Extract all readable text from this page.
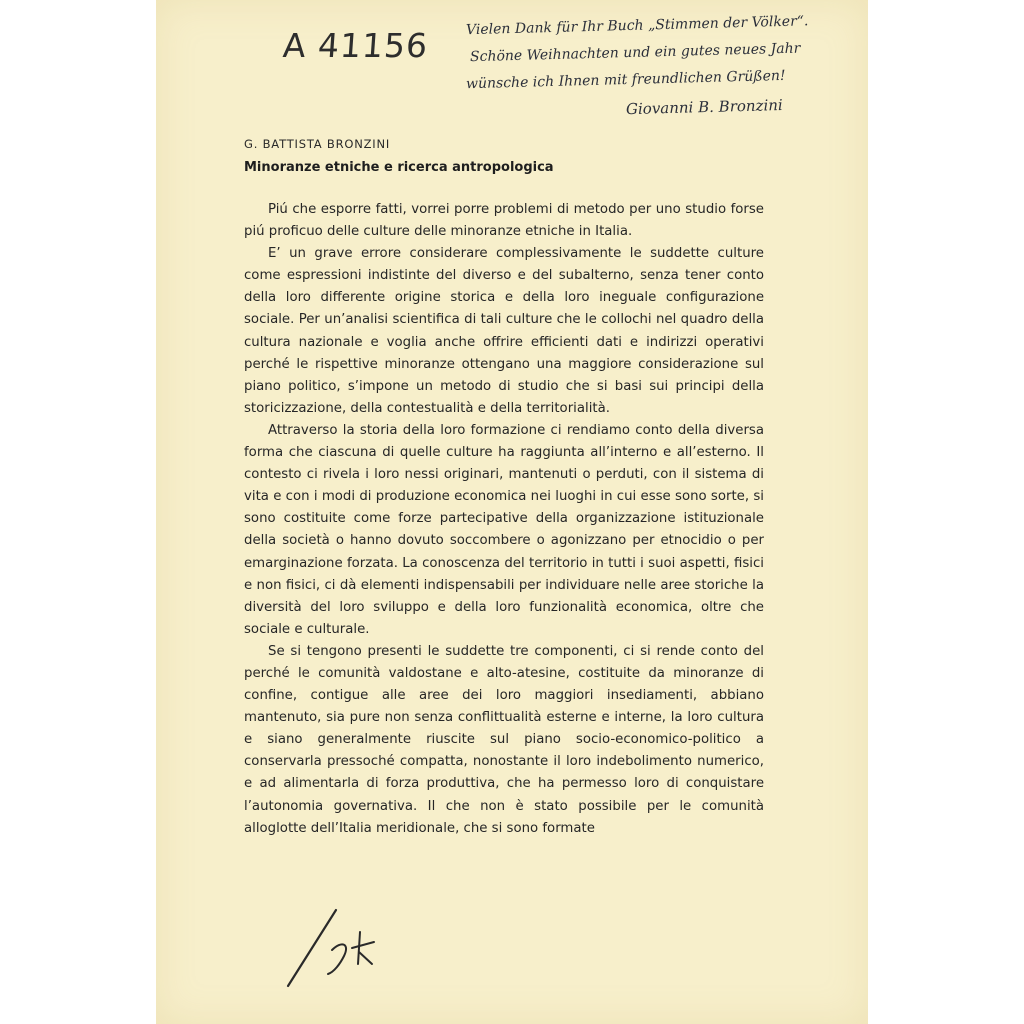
A 41156
Vielen Dank für Ihr Buch „Stimmen der Völker“.
Schöne Weihnachten und ein gutes neues Jahr
wünsche ich Ihnen mit freundlichen Grüßen!
Giovanni B. Bronzini
G. BATTISTA BRONZINI
Minoranze etniche e ricerca antropologica

Piú che esporre fatti, vorrei porre problemi di metodo per uno studio forse piú proficuo delle culture delle minoranze etniche in Italia.

E’ un grave errore considerare complessivamente le suddette culture come espressioni indistinte del diverso e del subalterno, senza tener conto della loro differente origine storica e della loro ineguale configurazione sociale. Per un’analisi scientifica di tali culture che le collochi nel quadro della cultura nazionale e voglia anche offrire efficienti dati e indirizzi operativi perché le rispettive minoranze ottengano una maggiore considerazione sul piano politico, s’impone un metodo di studio che si basi sui principi della storicizzazione, della contestualità e della territorialità.

Attraverso la storia della loro formazione ci rendiamo conto della diversa forma che ciascuna di quelle culture ha raggiunta all’interno e all’esterno. Il contesto ci rivela i loro nessi originari, mantenuti o perduti, con il sistema di vita e con i modi di produzione economica nei luoghi in cui esse sono sorte, si sono costituite come forze partecipative della organizzazione istituzionale della società o hanno dovuto soccombere o agonizzano per etnocidio o per emarginazione forzata. La conoscenza del territorio in tutti i suoi aspetti, fisici e non fisici, ci dà elementi indispensabili per individuare nelle aree storiche la diversità del loro sviluppo e della loro funzionalità economica, oltre che sociale e culturale.

Se si tengono presenti le suddette tre componenti, ci si rende conto del perché le comunità valdostane e alto-atesine, costituite da minoranze di confine, contigue alle aree dei loro maggiori insediamenti, abbiano mantenuto, sia pure non senza conflittualità esterne e interne, la loro cultura e siano generalmente riuscite sul piano socio-economico-politico a conservarla pressoché compatta, nonostante il loro indebolimento numerico, e ad alimentarla di forza produttiva, che ha permesso loro di conquistare l’autonomia governativa. Il che non è stato possibile per le comunità alloglotte dell’Italia meridionale, che si sono formate
